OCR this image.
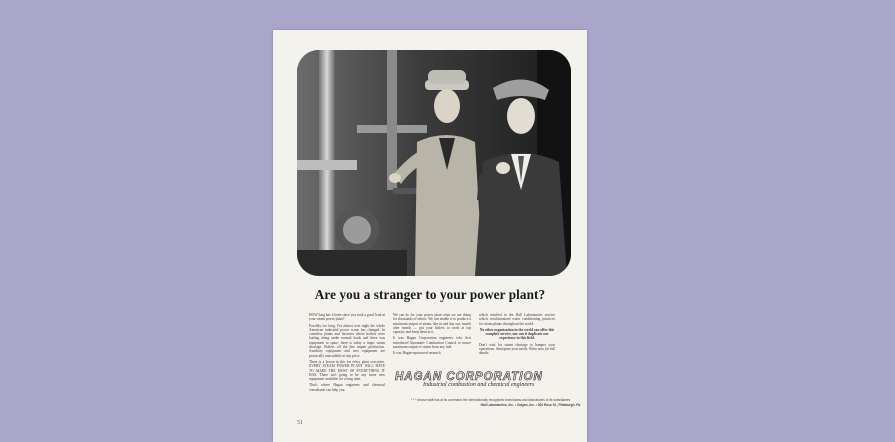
Are you a stranger to your power plant?

HOW long has it been since you took a good look at your steam power plant?

Possibly too long. For almost over night the whole American industrial power scene has changed. In countless plants and factories where boilers were loafing along under normal loads and there was equipment to spare, there is today a tragic steam shortage. Boilers off the line impair production. Auxiliary equipment and new equipment are practically unavailable at any price.

There is a lesson in this for every plant executive. EVERY STEAM POWER PLANT WILL HAVE TO MAKE THE MOST OF EVERYTHING IT HAS. There isn't going to be any more new equipment available for a long time.

That's where Hagan engineers and chemical consultants can help you.

We can do for your power plant what we are doing for thousands of others. We can enable it to produce a maximum output of steam, day in and day out, month after month — put your boilers to work at top capacity and keep them at it.

It was Hagan Corporation engineers who first introduced Automatic Combustion Control to insure maximum output of steam from any fuel.

It was Hagan-sponsored research

which resulted in the Hall Laboratories service which revolutionized water conditioning practices for steam plants throughout the world.

No other organization in the world can offer this complete service, nor can it duplicate our experience in this field.

Don't wait for steam shortage to hamper your operations. Anticipate your needs. Write now for full details.

HAGAN CORPORATION
Industrial combustion and chemical engineers
* * * whose staff has at its command the internationally recognized technicians and laboratories of its subsidiaries
Hall Laboratories, Inc. • Calgon, Inc. • 300 Ross St., Pittsburgh, Pa.
51
